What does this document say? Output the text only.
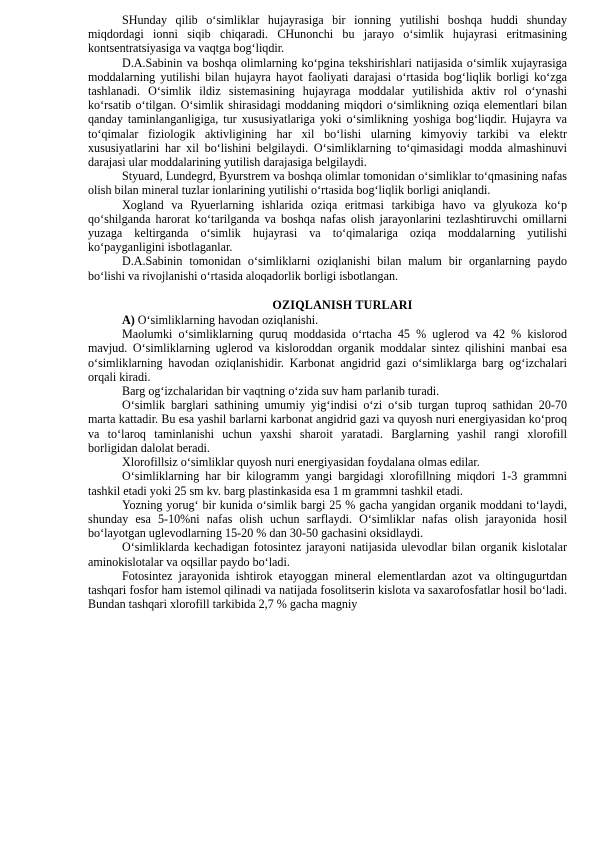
SHunday qilib o‘simliklar hujayrasiga bir ionning yutilishi boshqa huddi shunday miqdordagi ionni siqib chiqaradi. CHunonchi bu jarayo o‘simlik hujayrasi eritmasining kontsentratsiyasiga va vaqtga bog‘liqdir.

D.A.Sabinin va boshqa olimlarning ko‘pgina tekshirishlari natijasida o‘simlik xujayrasiga moddalarning yutilishi bilan hujayra hayot faoliyati darajasi o‘rtasida bog‘liqlik borligi ko‘zga tashlanadi. O‘simlik ildiz sistemasining hujayraga moddalar yutilishida aktiv rol o‘ynashi ko‘rsatib o‘tilgan. O‘simlik shirasidagi moddaning miqdori o‘simlikning oziqa elementlari bilan qanday taminlanganligiga, tur xususiyatlariga yoki o‘simlikning yoshiga bog‘liqdir. Hujayra va to‘qimalar fiziologik aktivligining har xil bo‘lishi ularning kimyoviy tarkibi va elektr xususiyatlarini har xil bo‘lishini belgilaydi. O‘simliklarning to‘qimasidagi modda almashinuvi darajasi ular moddalarining yutilish darajasiga belgilaydi.

Styuard, Lundegrd, Byurstrem va boshqa olimlar tomonidan o‘simliklar to‘qmasining nafas olish bilan mineral tuzlar ionlarining yutilishi o‘rtasida bog‘liqlik borligi aniqlandi.

Xogland va Ryuerlarning ishlarida oziqa eritmasi tarkibiga havo va glyukoza ko‘p qo‘shilganda harorat ko‘tarilganda va boshqa nafas olish jarayonlarini tezlashtiruvchi omillarni yuzaga keltirganda o‘simlik hujayrasi va to‘qimalariga oziqa moddalarning yutilishi ko‘payganligini isbotlaganlar.

D.A.Sabinin tomonidan o‘simliklarni oziqlanishi bilan malum bir organlarning paydo bo‘lishi va rivojlanishi o‘rtasida aloqadorlik borligi isbotlangan.

OZIQLANISH TURLARI

A) O‘simliklarning havodan oziqlanishi.

Maolumki o‘simliklarning quruq moddasida o‘rtacha 45 % uglerod va 42 % kislorod mavjud. O‘simliklarning uglerod va kisloroddan organik moddalar sintez qilishini manbai esa o‘simliklarning havodan oziqlanishidir. Karbonat angidrid gazi o‘simliklarga barg og‘izchalari orqali kiradi.

Barg og‘izchalaridan bir vaqtning o‘zida suv ham parlanib turadi.

O‘simlik barglari sathining umumiy yig‘indisi o‘zi o‘sib turgan tuproq sathidan 20-70 marta kattadir. Bu esa yashil barlarni karbonat angidrid gazi va quyosh nuri energiyasidan ko‘proq va to‘laroq taminlanishi uchun yaxshi sharoit yaratadi. Barglarning yashil rangi xlorofill borligidan dalolat beradi.

Xlorofillsiz o‘simliklar quyosh nuri energiyasidan foydalana olmas edilar.

O‘simliklarning har bir kilogramm yangi bargidagi xlorofillning miqdori 1-3 grammni tashkil etadi yoki 25 sm kv. barg plastinkasida esa 1 m grammni tashkil etadi.

Yozning yorug‘ bir kunida o‘simlik bargi 25 % gacha yangidan organik moddani to‘laydi, shunday esa 5-10%ni nafas olish uchun sarflaydi. O‘simliklar nafas olish jarayonida hosil bo‘layotgan uglevodlarning 15-20 % dan 30-50 gachasini oksidlaydi.

O‘simliklarda kechadigan fotosintez jarayoni natijasida ulevodlar bilan organik kislotalar aminokislotalar va oqsillar paydo bo‘ladi.

Fotosintez jarayonida ishtirok etayoggan mineral elementlardan azot va oltingugurtdan tashqari fosfor ham istemol qilinadi va natijada fosolitserin kislota va saxarofosfatlar hosil bo‘ladi. Bundan tashqari xlorofill tarkibida 2,7 % gacha magniy
